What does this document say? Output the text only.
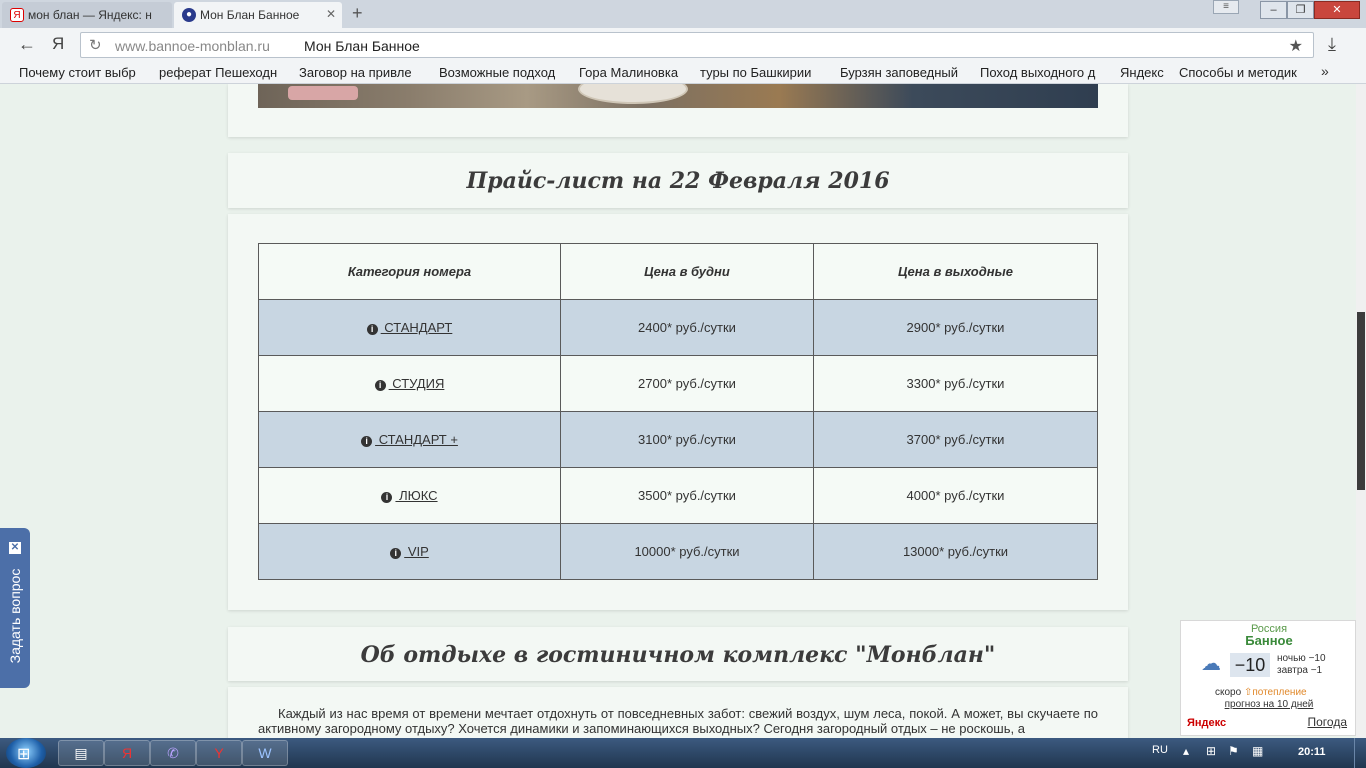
Я мон блан — Яндекс: н	● Мон Блан Банное ✕ +	≡	– ❐ ✕
← Я ↻ www.bannoe-monblan.ru Мон Блан Банное	★ ⤓
Почему стоит выбр	реферат Пешеходн	Заговор на привле	Возможные подход	Гора Малиновка	туры по Башкирии	Бурзян заповедный	Поход выходного д	Яндекс	Способы и методик	»
Прайс-лист на 22 Февраля 2016
Категория номера	Цена в будни	Цена в выходные
i СТАНДАРТ	2400* руб./сутки	2900* руб./сутки
i СТУДИЯ	2700* руб./сутки	3300* руб./сутки
i СТАНДАРТ +	3100* руб./сутки	3700* руб./сутки
i ЛЮКС	3500* руб./сутки	4000* руб./сутки
i VIP	10000* руб./сутки	13000* руб./сутки
Об отдыхе в гостиничном комплекс "Монблан"

Каждый из нас время от времени мечтает отдохнуть от повседневных забот: свежий воздух, шум леса, покой. А может, вы скучаете по активному загородному отдыху? Хочется динамики и запоминающихся выходных? Сегодня загородный отдых – не роскошь, а

✕
Задать вопрос	Россия
Банное
☁ −10	ночью −10
завтра −1
скоро ⇧потепление
прогноз на 10 дней
Яндекс	Погода
⊞	▤	Я	✆	Y	W	RU ▴ ⊞ ⚑ ▦	20:11
